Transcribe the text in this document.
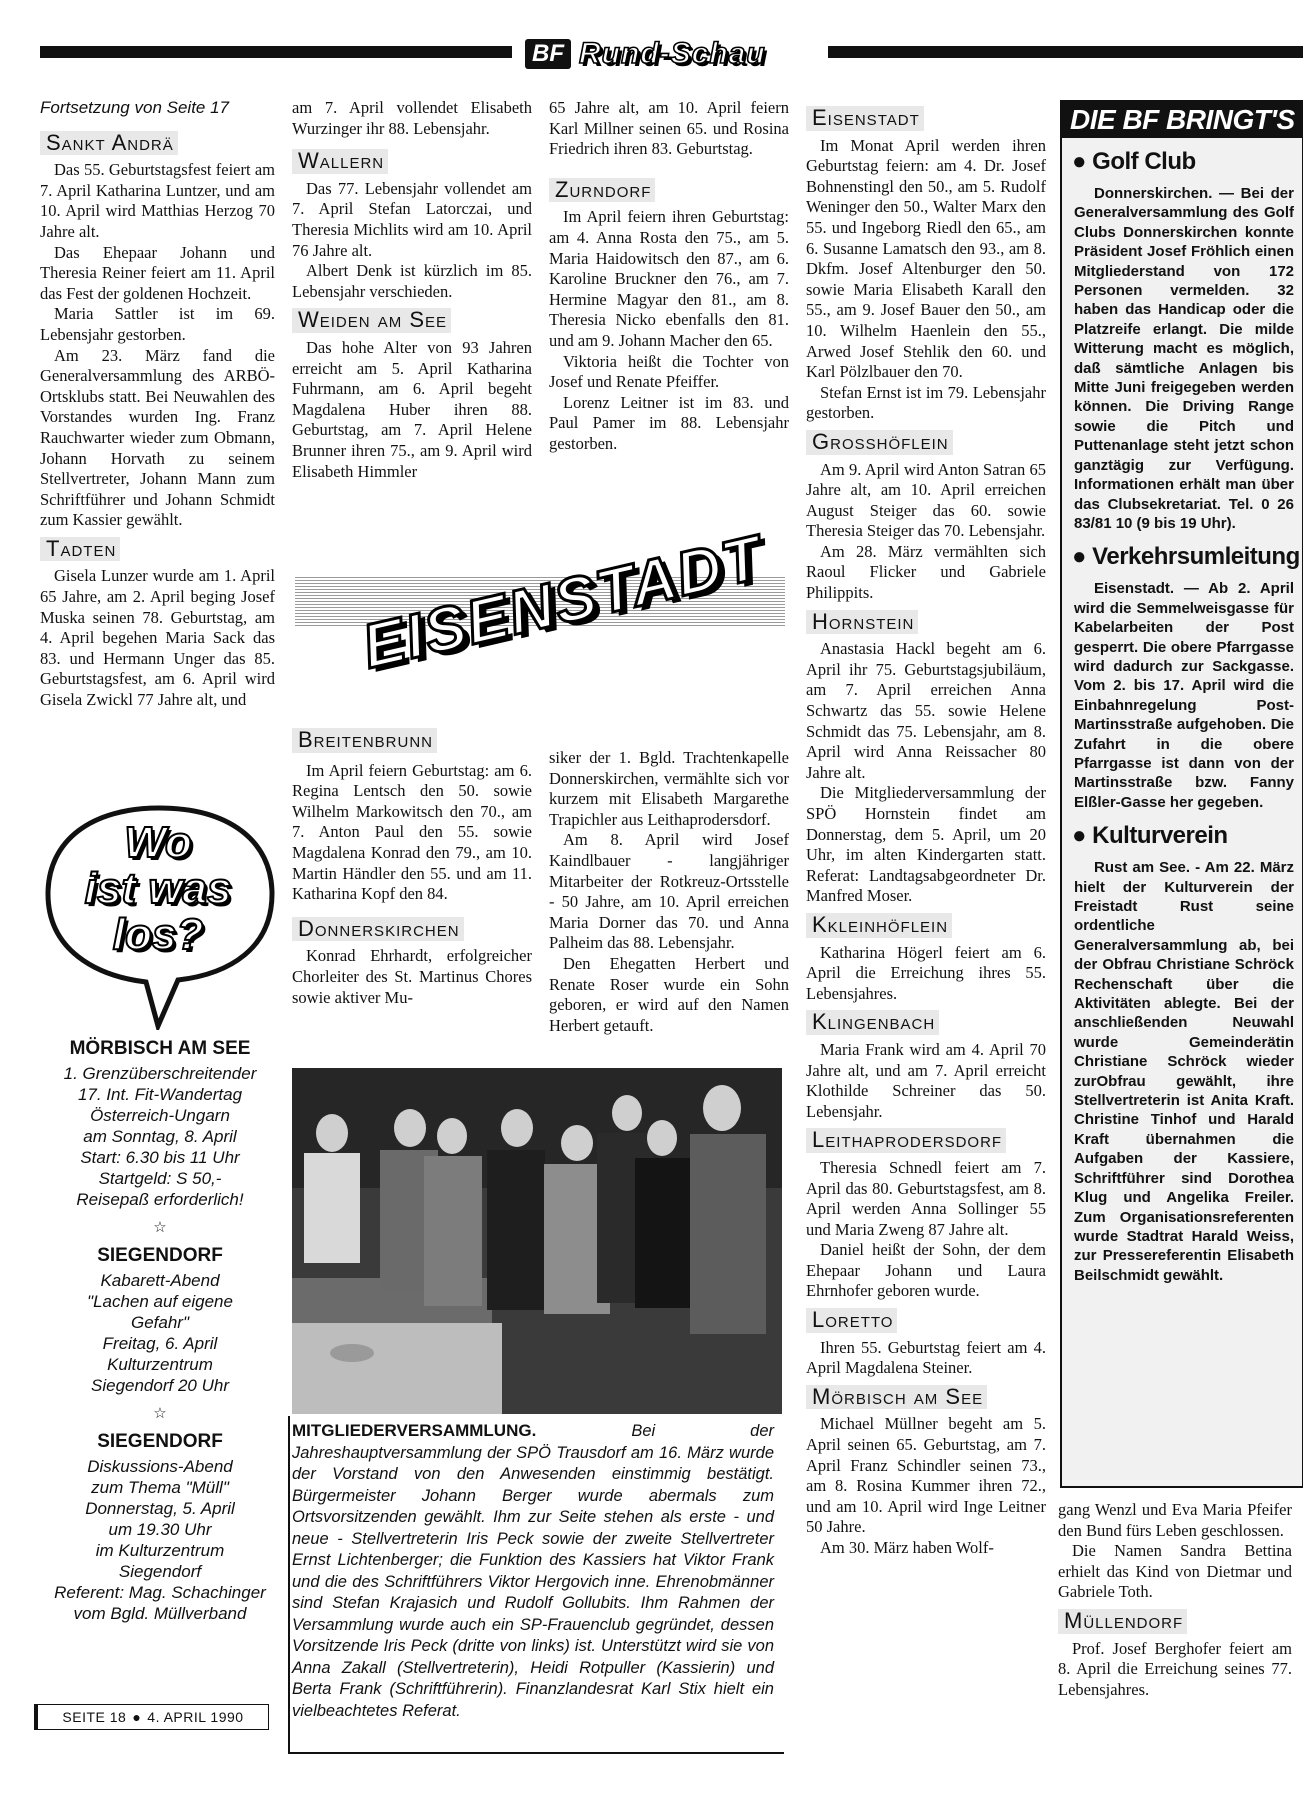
BF Rund-Schau
Fortsetzung von Seite 17
Sankt Andrä

Das 55. Geburtstagsfest feiert am 7. April Katharina Luntzer, und am 10. April wird Matthias Herzog 70 Jahre alt.

Das Ehepaar Johann und Theresia Reiner feiert am 11. April das Fest der goldenen Hochzeit.

Maria Sattler ist im 69. Lebensjahr gestorben.

Am 23. März fand die Generalversammlung des ARBÖ-Ortsklubs statt. Bei Neuwahlen des Vorstandes wurden Ing. Franz Rauchwarter wieder zum Obmann, Johann Horvath zu seinem Stellvertreter, Johann Mann zum Schriftführer und Johann Schmidt zum Kassier gewählt.

Tadten

Gisela Lunzer wurde am 1. April 65 Jahre, am 2. April beging Josef Muska seinen 78. Geburtstag, am 4. April begehen Maria Sack das 83. und Hermann Unger das 85. Geburtstagsfest, am 6. April wird Gisela Zwickl 77 Jahre alt, und

am 7. April vollendet Elisabeth Wurzinger ihr 88. Lebensjahr.

Wallern

Das 77. Lebensjahr vollendet am 7. April Stefan Latorczai, und Theresia Michlits wird am 10. April 76 Jahre alt.

Albert Denk ist kürzlich im 85. Lebensjahr verschieden.

Weiden am See

Das hohe Alter von 93 Jahren erreicht am 5. April Katharina Fuhrmann, am 6. April begeht Magdalena Huber ihren 88. Geburtstag, am 7. April Helene Brunner ihren 75., am 9. April wird Elisabeth Himmler

65 Jahre alt, am 10. April feiern Karl Millner seinen 65. und Rosina Friedrich ihren 83. Geburtstag.

Zurndorf

Im April feiern ihren Geburtstag: am 4. Anna Rosta den 75., am 5. Maria Haidowitsch den 87., am 6. Karoline Bruckner den 76., am 7. Hermine Magyar den 81., am 8. Theresia Nicko ebenfalls den 81. und am 9. Johann Macher den 65.

Viktoria heißt die Tochter von Josef und Renate Pfeiffer.

Lorenz Leitner ist im 83. und Paul Pamer im 88. Lebensjahr gestorben.

EISENSTADT
Breitenbrunn

Im April feiern Geburtstag: am 6. Regina Lentsch den 50. sowie Wilhelm Markowitsch den 70., am 7. Anton Paul den 55. sowie Magdalena Konrad den 79., am 10. Martin Händler den 55. und am 11. Katharina Kopf den 84.

Donnerskirchen

Konrad Ehrhardt, erfolgreicher Chorleiter des St. Martinus Chores sowie aktiver Mu-

siker der 1. Bgld. Trachtenkapelle Donnerskirchen, vermählte sich vor kurzem mit Elisabeth Margarethe Trapichler aus Leithaprodersdorf.

Am 8. April wird Josef Kaindlbauer - langjähriger Mitarbeiter der Rotkreuz-Ortsstelle - 50 Jahre, am 10. April erreichen Maria Dorner das 70. und Anna Palheim das 88. Lebensjahr.

Den Ehegatten Herbert und Renate Roser wurde ein Sohn geboren, er wird auf den Namen Herbert getauft.

MITGLIEDERVERSAMMLUNG.	Bei der Jahreshauptversammlung der SPÖ Trausdorf am 16. März wurde der Vorstand von den Anwesenden einstimmig bestätigt. Bürgermeister Johann Berger wurde abermals zum Ortsvorsitzenden gewählt. Ihm zur Seite stehen als erste - und neue - Stellvertreterin Iris Peck sowie der zweite Stellvertreter Ernst Lichtenberger; die Funktion des Kassiers hat Viktor Frank und die des Schriftführers Viktor Hergovich inne. Ehrenobmänner sind Stefan Krajasich und Rudolf Gollubits. Ihm Rahmen der Versammlung wurde auch ein SP-Frauenclub gegründet, dessen Vorsitzende Iris Peck (dritte von links) ist. Unterstützt wird sie von Anna Zakall (Stellvertreterin), Heidi Rotpuller (Kassierin) und Berta Frank (Schriftführerin). Finanzlandesrat Karl Stix hielt ein vielbeachtetes Referat.
Eisenstadt

Im Monat April werden ihren Geburtstag feiern: am 4. Dr. Josef Bohnenstingl den 50., am 5. Rudolf Weninger den 50., Walter Marx den 55. und Ingeborg Riedl den 65., am 6. Susanne Lamatsch den 93., am 8. Dkfm. Josef Altenburger den 50. sowie Maria Elisabeth Karall den 55., am 9. Josef Bauer den 50., am 10. Wilhelm Haenlein den 55., Arwed Josef Stehlik den 60. und Karl Pölzlbauer den 70.

Stefan Ernst ist im 79. Lebensjahr gestorben.

Grosshöflein

Am 9. April wird Anton Satran 65 Jahre alt, am 10. April erreichen August Steiger das 60. sowie Theresia Steiger das 70. Lebensjahr.

Am 28. März vermählten sich Raoul Flicker und Gabriele Philippits.

Hornstein

Anastasia Hackl begeht am 6. April ihr 75. Geburtstagsjubiläum, am 7. April erreichen Anna Schwartz das 55. sowie Helene Schmidt das 75. Lebensjahr, am 8. April wird Anna Reissacher 80 Jahre alt.

Die Mitgliederversammlung der SPÖ Hornstein findet am Donnerstag, dem 5. April, um 20 Uhr, im alten Kindergarten statt. Referat: Landtagsabgeordneter Dr. Manfred Moser.

Kkleinhöflein

Katharina Högerl feiert am 6. April die Erreichung ihres 55. Lebensjahres.

Klingenbach

Maria Frank wird am 4. April 70 Jahre alt, und am 7. April erreicht Klothilde Schreiner das 50. Lebensjahr.

Leithaprodersdorf

Theresia Schnedl feiert am 7. April das 80. Geburtstagsfest, am 8. April werden Anna Sollinger 55 und Maria Zweng 87 Jahre alt.

Daniel heißt der Sohn, der dem Ehepaar Johann und Laura Ehrnhofer geboren wurde.

Loretto

Ihren 55. Geburtstag feiert am 4. April Magdalena Steiner.

Mörbisch am See

Michael Müllner begeht am 5. April seinen 65. Geburtstag, am 7. April Franz Schindler seinen 73., am 8. Rosina Kummer ihren 72., und am 10. April wird Inge Leitner 50 Jahre.

Am 30. März haben Wolf-

DIE BF BRINGT'S
● Golf Club

Donnerskirchen. — Bei der Generalversammlung des Golf Clubs Donnerskirchen konnte Präsident Josef Fröhlich einen Mitgliederstand von 172 Personen vermelden. 32 haben das Handicap oder die Platzreife erlangt. Die milde Witterung macht es möglich, daß sämtliche Anlagen bis Mitte Juni freigegeben werden können. Die Driving Range sowie die Pitch und Puttenanlage steht jetzt schon ganztägig zur Verfügung. Informationen erhält man über das Clubsekretariat. Tel. 0 26 83/81 10 (9 bis 19 Uhr).

● Verkehrsumleitung

Eisenstadt. — Ab 2. April wird die Semmelweisgasse für Kabelarbeiten der Post gesperrt. Die obere Pfarrgasse wird dadurch zur Sackgasse. Vom 2. bis 17. April wird die Einbahnregelung Post-Martinsstraße aufgehoben. Die Zufahrt in die obere Pfarrgasse ist dann von der Martinsstraße bzw. Fanny Elßler-Gasse her gegeben.

● Kulturverein

Rust am See. - Am 22. März hielt der Kulturverein der Freistadt Rust seine ordentliche Generalversammlung ab, bei der Obfrau Christiane Schröck Rechenschaft über die Aktivitäten ablegte. Bei der anschließenden Neuwahl wurde Gemeinderätin Christiane Schröck wieder zurObfrau gewählt, ihre Stellvertreterin ist Anita Kraft. Christine Tinhof und Harald Kraft übernahmen die Aufgaben der Kassiere, Schriftführer sind Dorothea Klug und Angelika Freiler. Zum Organisationsreferenten wurde Stadtrat Harald Weiss, zur Pressereferentin Elisabeth Beilschmidt gewählt.

gang Wenzl und Eva Maria Pfeifer den Bund fürs Leben geschlossen.

Die Namen Sandra Bettina erhielt das Kind von Dietmar und Gabriele Toth.

Müllendorf

Prof. Josef Berghofer feiert am 8. April die Erreichung seines 77. Lebensjahres.

Wo
ist was
los?
MÖRBISCH AM SEE
1. Grenzüberschreitender
17. Int. Fit-Wandertag
Österreich-Ungarn
am Sonntag, 8. April
Start: 6.30 bis 11 Uhr
Startgeld: S 50,-
Reisepaß erforderlich!
☆
SIEGENDORF
Kabarett-Abend
"Lachen auf eigene
Gefahr"
Freitag, 6. April
Kulturzentrum
Siegendorf 20 Uhr
☆
SIEGENDORF
Diskussions-Abend
zum Thema "Müll"
Donnerstag, 5. April
um 19.30 Uhr
im Kulturzentrum
Siegendorf
Referent: Mag. Schachinger
vom Bgld. Müllverband
SEITE 18 ● 4. APRIL 1990
